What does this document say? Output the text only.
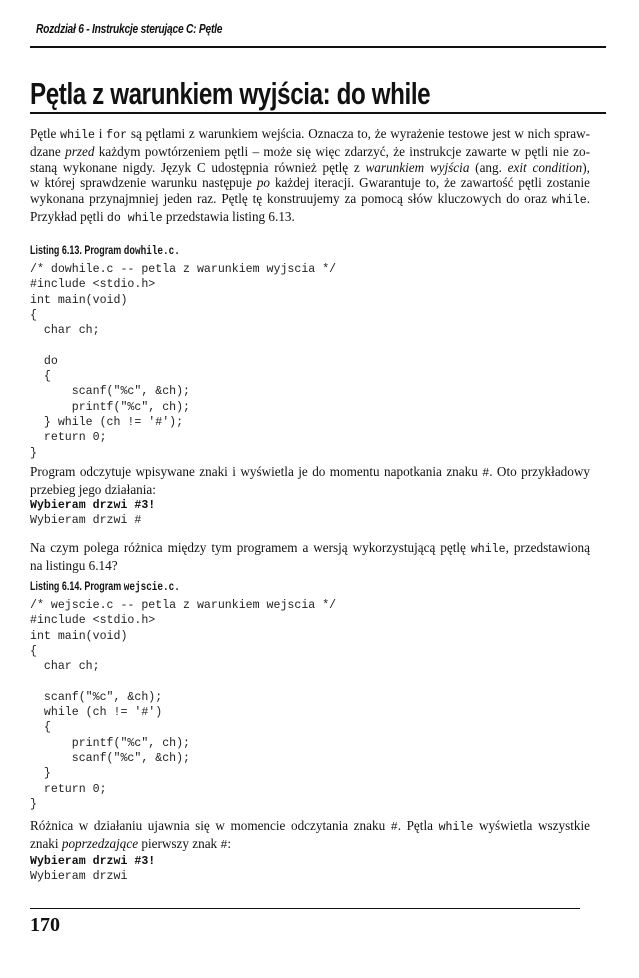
Rozdział 6 - Instrukcje sterujące C: Pętle
Pętla z warunkiem wyjścia: do while
Pętle while i for są pętlami z warunkiem wejścia. Oznacza to, że wyrażenie testowe jest w nich spraw-
dzane przed każdym powtórzeniem pętli – może się więc zdarzyć, że instrukcje zawarte w pętli nie zo-
staną wykonane nigdy. Język C udostępnia również pętlę z warunkiem wyjścia (ang. exit condition),
w której sprawdzenie warunku następuje po każdej iteracji. Gwarantuje to, że zawartość pętli zostanie
wykonana przynajmniej jeden raz. Pętlę tę konstruujemy za pomocą słów kluczowych do oraz while.
Przykład pętli do while przedstawia listing 6.13.
Listing 6.13. Program dowhile.c.
/* dowhile.c -- petla z warunkiem wyjscia */
#include <stdio.h>
int main(void)
{
char ch;

do
{
scanf("%c", &ch);
printf("%c", ch);
} while (ch != '#');
return 0;
}
Program odczytuje wpisywane znaki i wyświetla je do momentu napotkania znaku #. Oto przykładowy
przebieg jego działania:
Wybieram drzwi #3!
Wybieram drzwi #
Na czym polega różnica między tym programem a wersją wykorzystującą pętlę while, przedstawioną
na listingu 6.14?
Listing 6.14. Program wejscie.c.
/* wejscie.c -- petla z warunkiem wejscia */
#include <stdio.h>
int main(void)
{
char ch;

scanf("%c", &ch);
while (ch != '#')
{
printf("%c", ch);
scanf("%c", &ch);
}
return 0;
}
Różnica w działaniu ujawnia się w momencie odczytania znaku #. Pętla while wyświetla wszystkie
znaki poprzedzające pierwszy znak #:
Wybieram drzwi #3!
Wybieram drzwi
170
